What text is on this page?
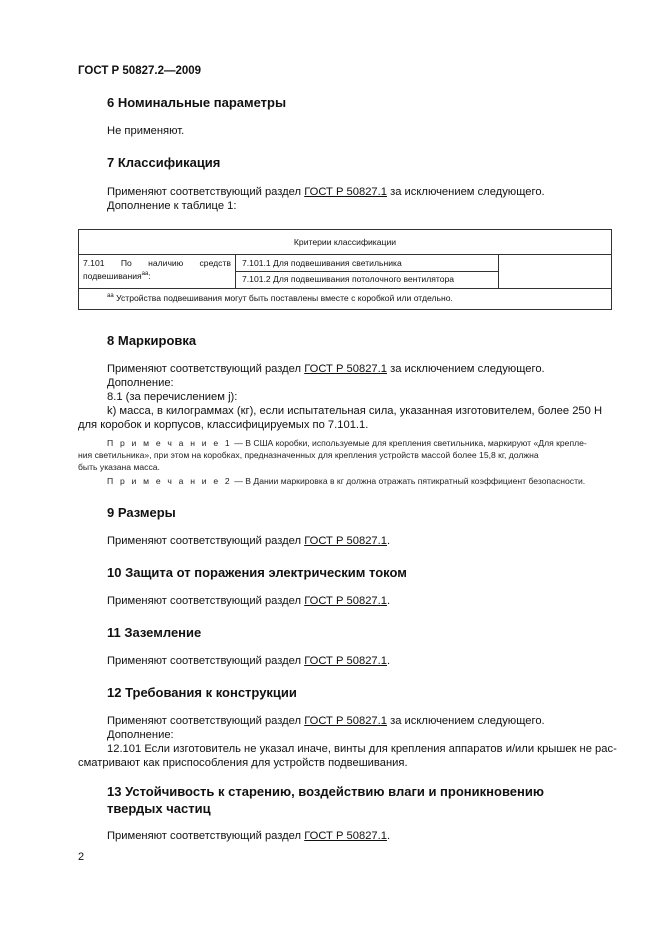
ГОСТ Р 50827.2—2009
6 Номинальные параметры
Не применяют.
7 Классификация
Применяют соответствующий раздел ГОСТ Р 50827.1 за исключением следующего.
Дополнение к таблице 1:
Критерии классификации
7.101 По наличию средств
подвешивания$^{аа}$:
7.101.1 Для подвешивания светильника
7.101.2 Для подвешивания потолочного вентилятора
$^{аа}$ Устройства подвешивания могут быть поставлены вместе с коробкой или отдельно.
8 Маркировка
Применяют соответствующий раздел ГОСТ Р 50827.1 за исключением следующего.
Дополнение:
8.1 (за перечислением j):
k) масса, в килограммах (кг), если испытательная сила, указанная изготовителем, более 250 Н
для коробок и корпусов, классифицируемых по 7.101.1.
П р и м е ч а н и е 1 — В США коробки, используемые для крепления светильника, маркируют «Для крепле-
ния светильника», при этом на коробках, предназначенных для крепления устройств массой более 15,8 кг, должна
быть указана масса.
П р и м е ч а н и е 2 — В Дании маркировка в кг должна отражать пятикратный коэффициент безопасности.
9 Размеры
Применяют соответствующий раздел ГОСТ Р 50827.1.
10 Защита от поражения электрическим током
Применяют соответствующий раздел ГОСТ Р 50827.1.
11 Заземление
Применяют соответствующий раздел ГОСТ Р 50827.1.
12 Требования к конструкции
Применяют соответствующий раздел ГОСТ Р 50827.1 за исключением следующего.
Дополнение:
12.101 Если изготовитель не указал иначе, винты для крепления аппаратов и/или крышек не рас-
сматривают как приспособления для устройств подвешивания.
13 Устойчивость к старению, воздействию влаги и проникновению
твердых частиц
Применяют соответствующий раздел ГОСТ Р 50827.1.
2
